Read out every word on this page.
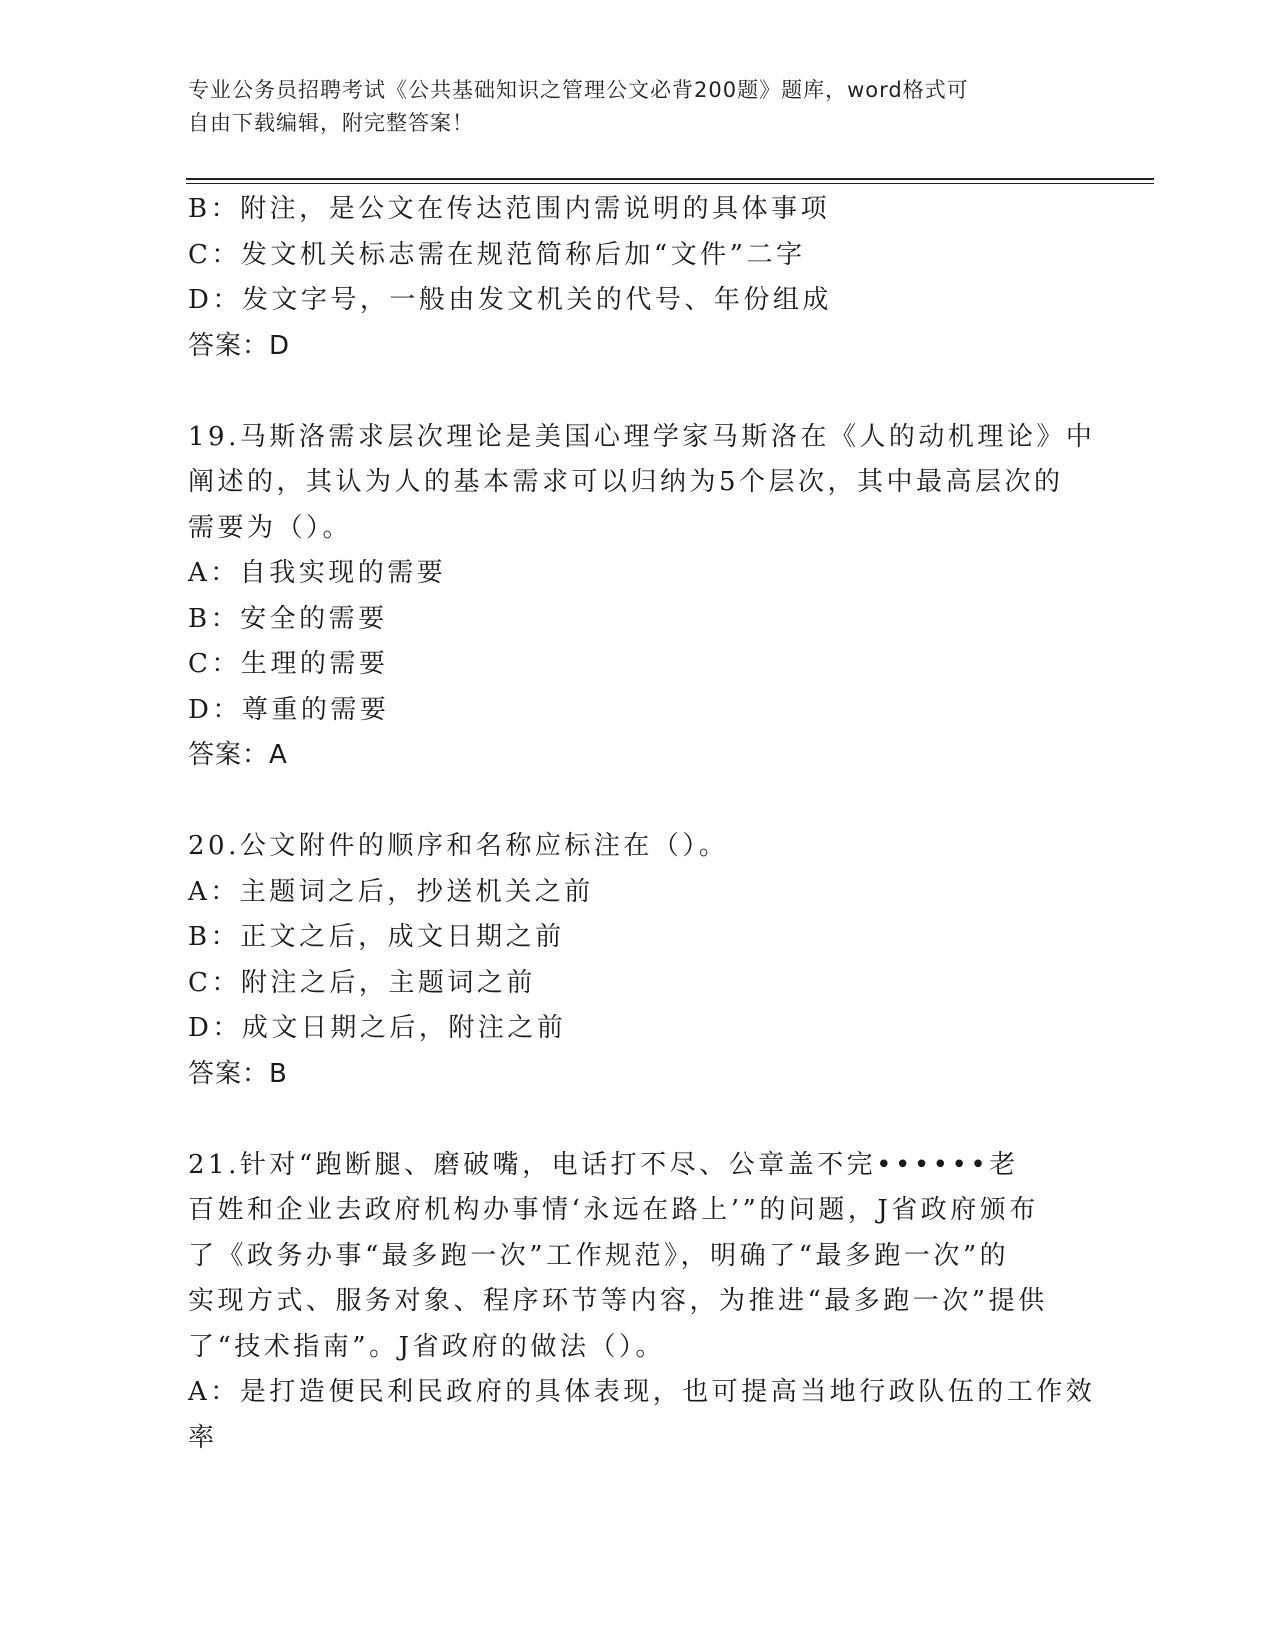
专业公务员招聘考试《公共基础知识之管理公文必背200题》题库，word格式可
自由下载编辑，附完整答案！
B：附注，是公文在传达范围内需说明的具体事项
C：发文机关标志需在规范简称后加“文件”二字
D：发文字号，一般由发文机关的代号、年份组成
答案：D
19.马斯洛需求层次理论是美国心理学家马斯洛在《人的动机理论》中
阐述的，其认为人的基本需求可以归纳为5个层次，其中最高层次的
需要为（）。
A：自我实现的需要
B：安全的需要
C：生理的需要
D：尊重的需要
答案：A
20.公文附件的顺序和名称应标注在（）。
A：主题词之后，抄送机关之前
B：正文之后，成文日期之前
C：附注之后，主题词之前
D：成文日期之后，附注之前
答案：B
21.针对“跑断腿、磨破嘴，电话打不尽、公章盖不完••••••老
百姓和企业去政府机构办事情‘永远在路上’”的问题，J省政府颁布
了《政务办事“最多跑一次”工作规范》，明确了“最多跑一次”的
实现方式、服务对象、程序环节等内容，为推进“最多跑一次”提供
了“技术指南”。J省政府的做法（）。
A：是打造便民利民政府的具体表现，也可提高当地行政队伍的工作效
率
